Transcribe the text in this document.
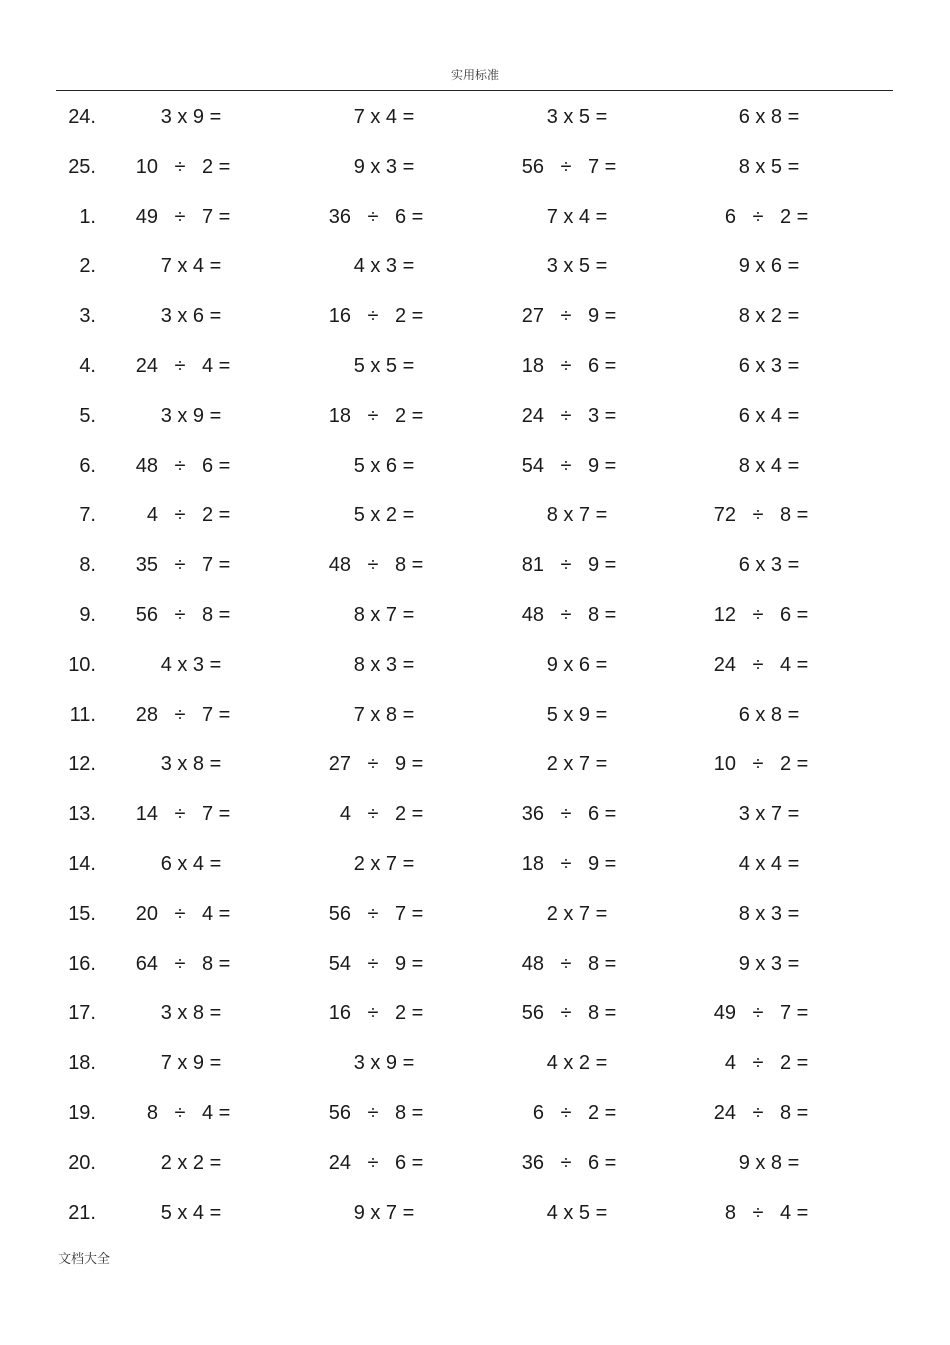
实用标准
24.	3 x 9 =	7 x 4 =	3 x 5 =	6 x 8 =
25.	10 ÷ 2 =	9 x 3 =	56 ÷ 7 =	8 x 5 =
1.	49 ÷ 7 =	36 ÷ 6 =	7 x 4 =	6 ÷ 2 =
2.	7 x 4 =	4 x 3 =	3 x 5 =	9 x 6 =
3.	3 x 6 =	16 ÷ 2 =	27 ÷ 9 =	8 x 2 =
4.	24 ÷ 4 =	5 x 5 =	18 ÷ 6 =	6 x 3 =
5.	3 x 9 =	18 ÷ 2 =	24 ÷ 3 =	6 x 4 =
6.	48 ÷ 6 =	5 x 6 =	54 ÷ 9 =	8 x 4 =
7.	4 ÷ 2 =	5 x 2 =	8 x 7 =	72 ÷ 8 =
8.	35 ÷ 7 =	48 ÷ 8 =	81 ÷ 9 =	6 x 3 =
9.	56 ÷ 8 =	8 x 7 =	48 ÷ 8 =	12 ÷ 6 =
10.	4 x 3 =	8 x 3 =	9 x 6 =	24 ÷ 4 =
11.	28 ÷ 7 =	7 x 8 =	5 x 9 =	6 x 8 =
12.	3 x 8 =	27 ÷ 9 =	2 x 7 =	10 ÷ 2 =
13.	14 ÷ 7 =	4 ÷ 2 =	36 ÷ 6 =	3 x 7 =
14.	6 x 4 =	2 x 7 =	18 ÷ 9 =	4 x 4 =
15.	20 ÷ 4 =	56 ÷ 7 =	2 x 7 =	8 x 3 =
16.	64 ÷ 8 =	54 ÷ 9 =	48 ÷ 8 =	9 x 3 =
17.	3 x 8 =	16 ÷ 2 =	56 ÷ 8 =	49 ÷ 7 =
18.	7 x 9 =	3 x 9 =	4 x 2 =	4 ÷ 2 =
19.	8 ÷ 4 =	56 ÷ 8 =	6 ÷ 2 =	24 ÷ 8 =
20.	2 x 2 =	24 ÷ 6 =	36 ÷ 6 =	9 x 8 =
21.	5 x 4 =	9 x 7 =	4 x 5 =	8 ÷ 4 =
文档大全
